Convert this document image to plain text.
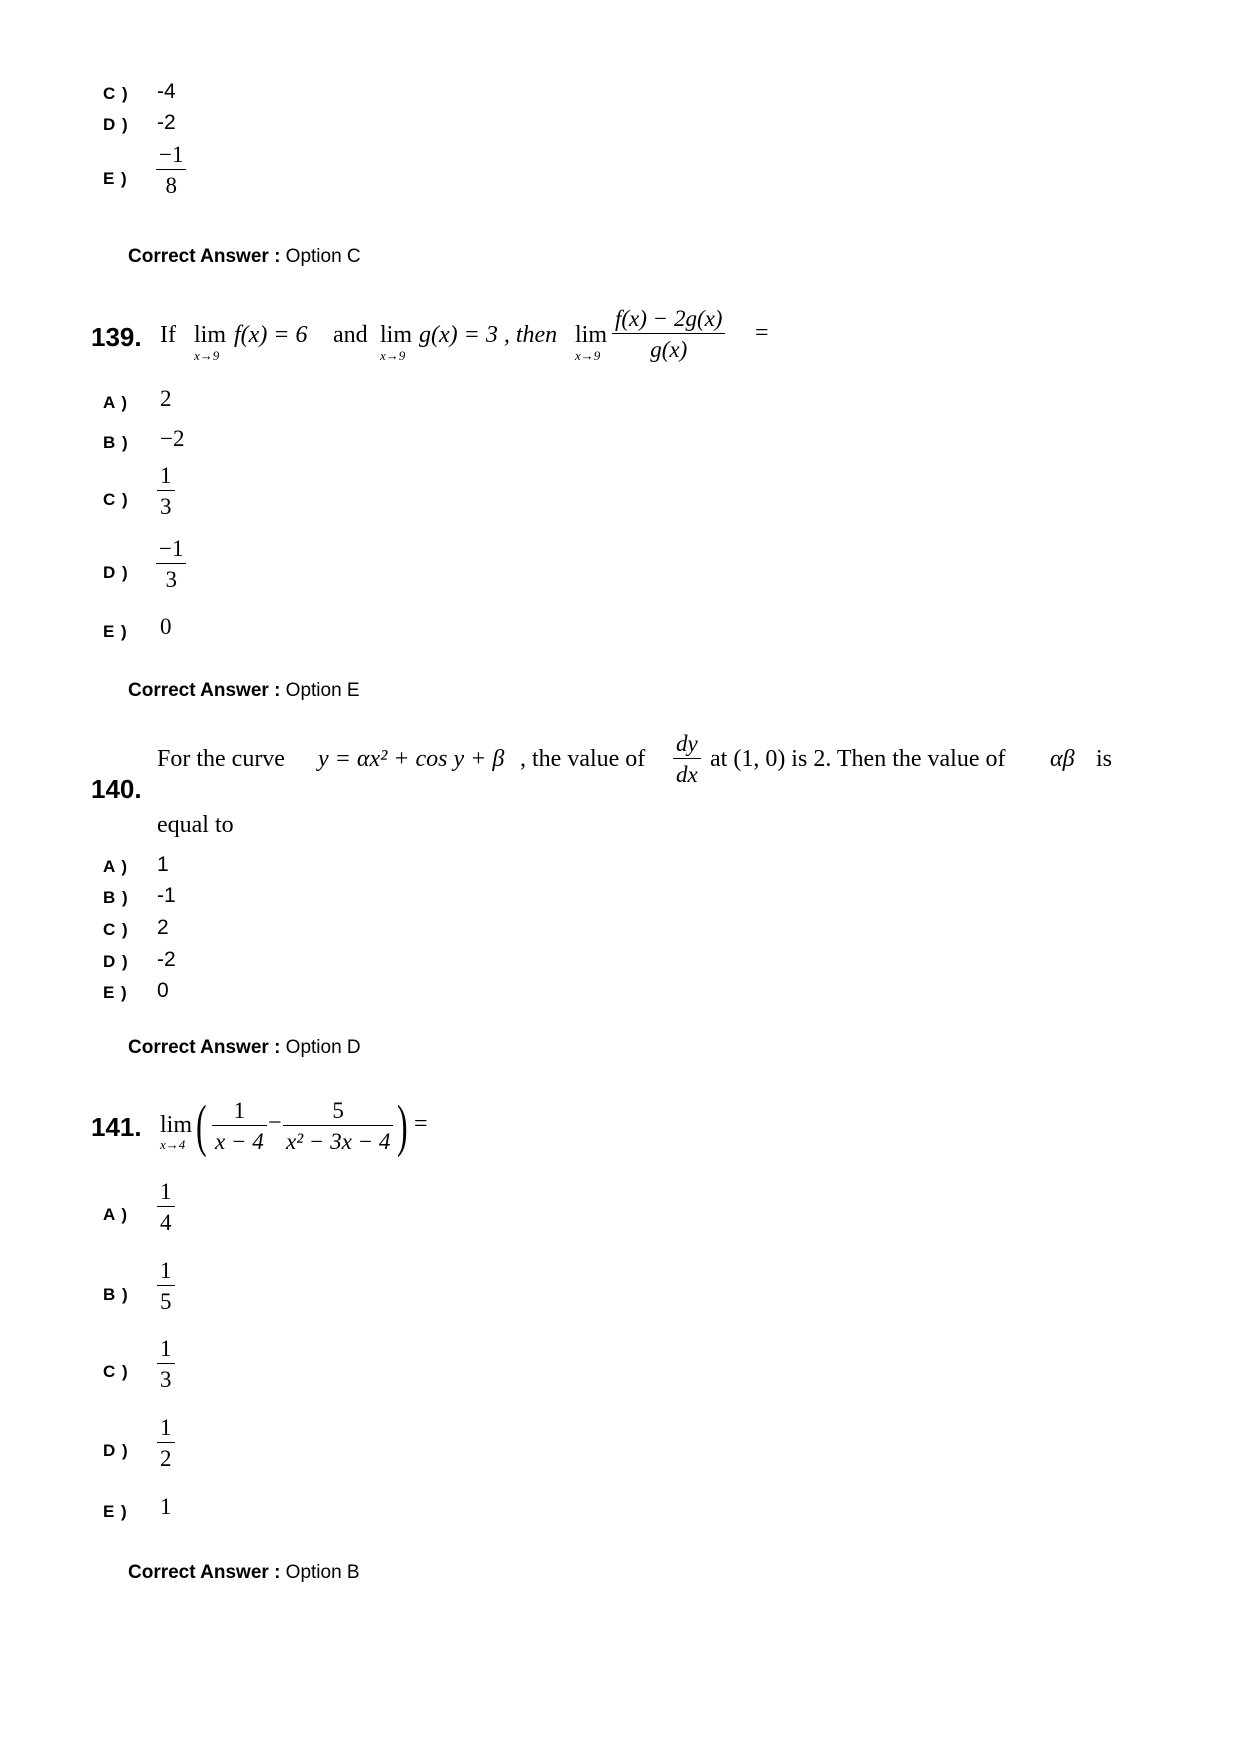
C ) -4
D ) -2
E )
−1
8
Correct Answer : Option C
139. If lim
x→9
f(x) = 6 and lim
x→9
g(x) = 3 , then lim
x→9
f(x) − 2g(x)
g(x)
=
A ) 2
B ) −2
C )
1
3
D )
−1
3
E ) 0
Correct Answer : Option E
140.
For the curve y = αx² + cos y + β , the value of
dy
dx
at (1, 0) is 2. Then the value of αβ is
equal to
A ) 1
B ) -1
C ) 2
D ) -2
E ) 0
Correct Answer : Option D
141. lim
x→4 ( 1
x − 4
− 5
x² − 3x − 4 ) =
A )
1
4
B )
1
5
C )
1
3
D )
1
2
E ) 1
Correct Answer : Option B
